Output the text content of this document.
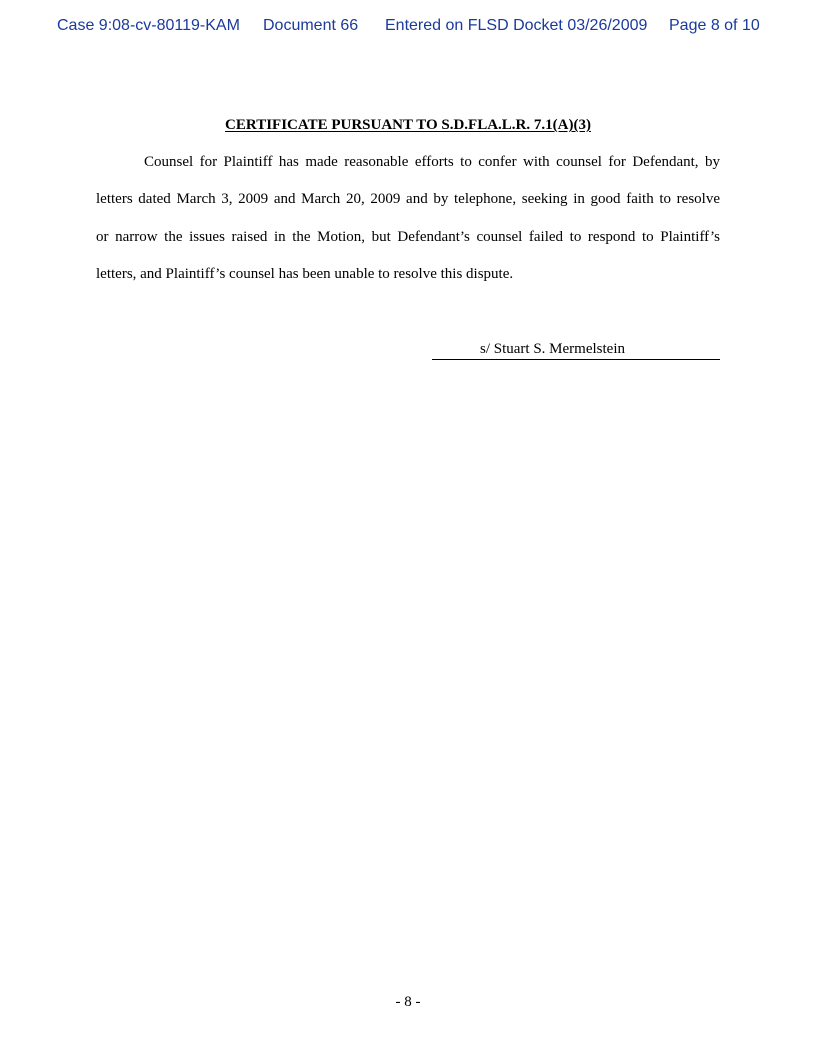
Case 9:08-cv-80119-KAM Document 66 Entered on FLSD Docket 03/26/2009 Page 8 of 10
CERTIFICATE PURSUANT TO S.D.FLA.L.R. 7.1(A)(3)
Counsel for Plaintiff has made reasonable efforts to confer with counsel for Defendant, by
letters dated March 3, 2009 and March 20, 2009 and by telephone, seeking in good faith to resolve
or narrow the issues raised in the Motion, but Defendant’s counsel failed to respond to Plaintiff’s
letters, and Plaintiff’s counsel has been unable to resolve this dispute.
s/ Stuart S. Mermelstein
- 8 -
